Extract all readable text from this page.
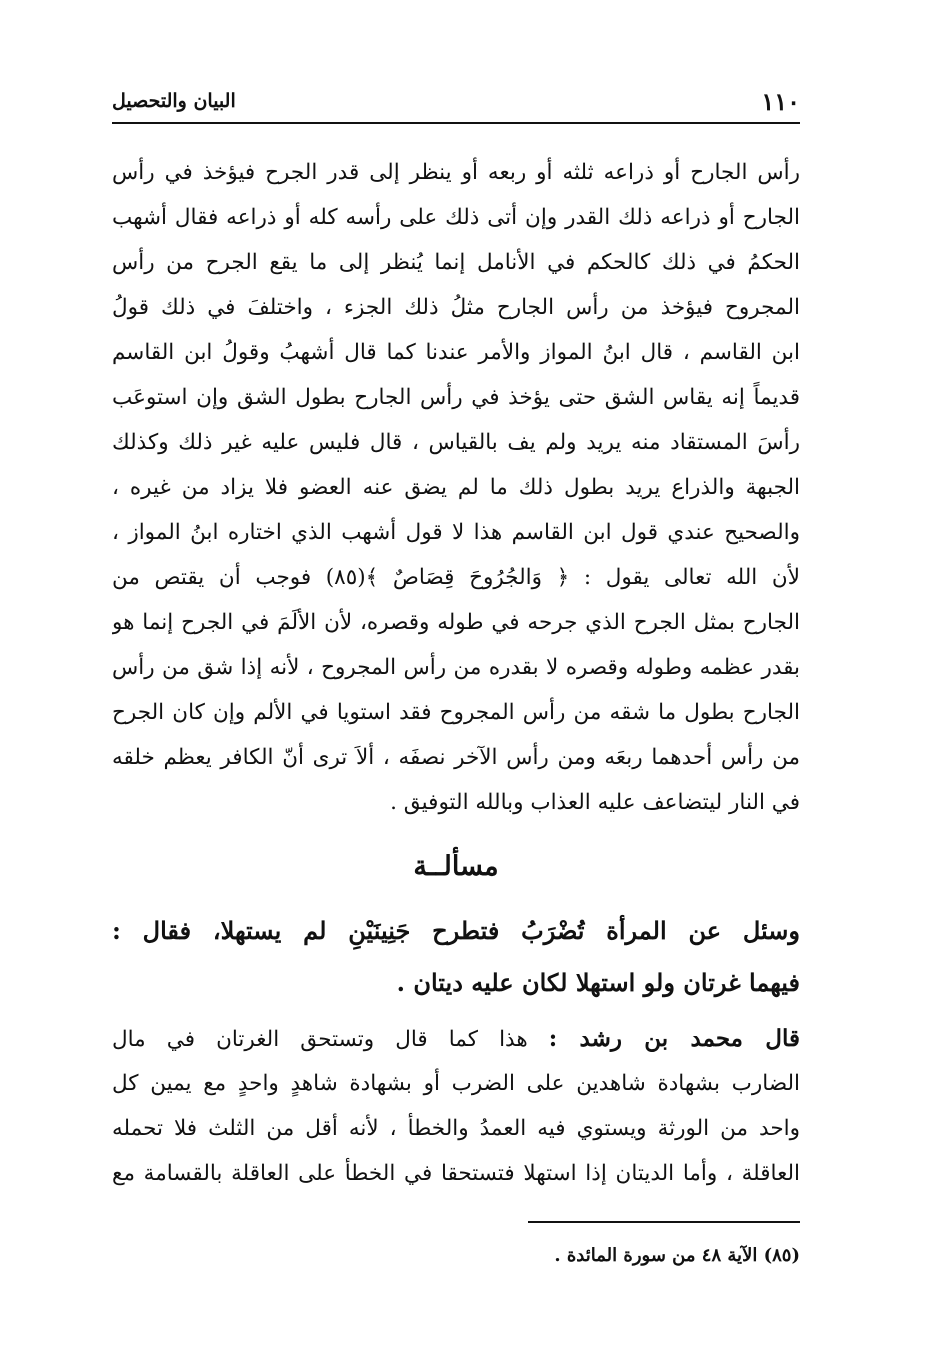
١١٠
البيان والتحصيل
رأس الجارح أو ذراعه ثلثه أو ربعه أو ينظر إلى قدر الجرح فيؤخذ في رأس
الجارح أو ذراعه ذلك القدر وإن أتى ذلك على رأسه كله أو ذراعه فقال أشهب
الحكمُ في ذلك كالحكم في الأنامل إنما يُنظر إلى ما يقع الجرح من رأس
المجروح فيؤخذ من رأس الجارح مثلُ ذلك الجزء ، واختلفَ في ذلك قولُ
ابن القاسم ، قال ابنُ المواز والأمر عندنا كما قال أشهبُ وقولُ ابن القاسم
قديماً إنه يقاس الشق حتى يؤخذ في رأس الجارح بطول الشق وإن استوعَب
رأسَ المستقاد منه يريد ولم يف بالقياس ، قال فليس عليه غير ذلك وكذلك
الجبهة والذراع يريد بطول ذلك ما لم يضق عنه العضو فلا يزاد من غيره ،
والصحيح عندي قول ابن القاسم هذا لا قول أشهب الذي اختاره ابنُ المواز ،
لأن الله تعالى يقول : ﴿ وَالجُرُوحَ قِصَاصٌ ﴾(٨٥) فوجب أن يقتص من
الجارح بمثل الجرح الذي جرحه في طوله وقصره، لأن الألَمَ في الجرح إنما هو
بقدر عظمه وطوله وقصره لا بقدره من رأس المجروح ، لأنه إذا شق من رأس
الجارح بطول ما شقه من رأس المجروح فقد استويا في الألم وإن كان الجرح
من رأس أحدهما ربعَه ومن رأس الآخر نصفَه ، ألاَ ترى أنّ الكافر يعظم خلقه
في النار ليتضاعف عليه العذاب وبالله التوفيق .
مسألــة
وسئل عن المرأة تُضْرَبُ فتطرح جَنِينَيْنِ لم يستهلا، فقال :
فيهما غرتان ولو استهلا لكان عليه ديتان .
قال محمد بن رشد : هذا كما قال وتستحق الغرتان في مال
الضارب بشهادة شاهدين على الضرب أو بشهادة شاهدٍ واحدٍ مع يمين كل
واحد من الورثة ويستوي فيه العمدُ والخطأ ، لأنه أقل من الثلث فلا تحمله
العاقلة ، وأما الديتان إذا استهلا فتستحقا في الخطأ على العاقلة بالقسامة مع
(٨٥) الآية ٤٨ من سورة المائدة .
